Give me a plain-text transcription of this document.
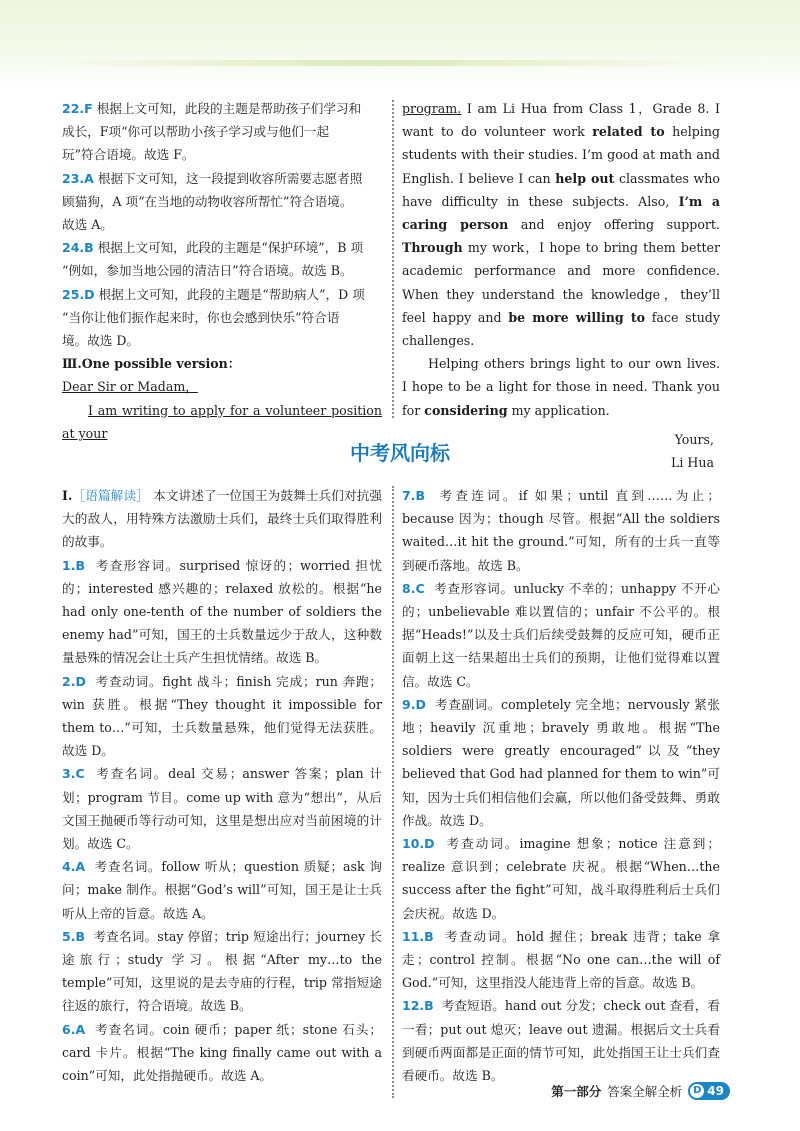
22.F 根据上文可知，此段的主题是帮助孩子们学习和
成长，F项“你可以帮助小孩子学习或与他们一起
玩”符合语境。故选 F。
23.A 根据下文可知，这一段提到收容所需要志愿者照
顾猫狗，A 项“在当地的动物收容所帮忙”符合语境。
故选 A。
24.B 根据上文可知，此段的主题是“保护环境”，B 项
“例如，参加当地公园的清洁日”符合语境。故选 B。
25.D 根据上文可知，此段的主题是“帮助病人”，D 项
“当你让他们振作起来时，你也会感到快乐”符合语
境。故选 D。
Ⅲ.One possible version：
Dear Sir or Madam，
I am writing to apply for a volunteer position at your

program. I am Li Hua from Class 1，Grade 8. I want to do volunteer work related to helping students with their studies. I’m good at math and English. I believe I can help out classmates who have difficulty in these subjects. Also, I’m a caring person and enjoy offering support. Through my work，I hope to bring them better academic performance and more confidence. When they understand the knowledge，they’ll feel happy and be more willing to face study challenges.

Helping others brings light to our own lives. I hope to be a light for those in need. Thank you for considering my application.

Yours,
Li Hua
中考风向标

Ⅰ.［语篇解读］ 本文讲述了一位国王为鼓舞士兵们对抗强大的敌人，用特殊方法激励士兵们，最终士兵们取得胜利的故事。

1.B 考查形容词。surprised 惊讶的；worried 担忧的；interested 感兴趣的；relaxed 放松的。根据“he had only one-tenth of the number of soldiers the enemy had”可知，国王的士兵数量远少于敌人，这种数量悬殊的情况会让士兵产生担忧情绪。故选 B。

2.D 考查动词。fight 战斗；finish 完成；run 奔跑；win 获胜。根据“They thought it impossible for them to…”可知，士兵数量悬殊，他们觉得无法获胜。故选 D。

3.C 考查名词。deal 交易；answer 答案；plan 计划；program 节目。come up with 意为“想出”，从后文国王抛硬币等行动可知，这里是想出应对当前困境的计划。故选 C。

4.A 考查名词。follow 听从；question 质疑；ask 询问；make 制作。根据“God’s will”可知，国王是让士兵听从上帝的旨意。故选 A。

5.B 考查名词。stay 停留；trip 短途出行；journey 长途旅行；study 学习。根据“After my…to the temple”可知，这里说的是去寺庙的行程，trip 常指短途往返的旅行，符合语境。故选 B。

6.A 考查名词。coin 硬币；paper 纸；stone 石头；card 卡片。根据“The king finally came out with a coin”可知，此处指抛硬币。故选 A。

7.B 考查连词。if 如果；until 直到……为止；because 因为；though 尽管。根据“All the soldiers waited…it hit the ground.”可知，所有的士兵一直等到硬币落地。故选 B。

8.C 考查形容词。unlucky 不幸的；unhappy 不开心的；unbelievable 难以置信的；unfair 不公平的。根据“Heads!”以及士兵们后续受鼓舞的反应可知，硬币正面朝上这一结果超出士兵们的预期，让他们觉得难以置信。故选 C。

9.D 考查副词。completely 完全地；nervously 紧张地；heavily 沉重地；bravely 勇敢地。根据“The soldiers were greatly encouraged”以及“they believed that God had planned for them to win”可知，因为士兵们相信他们会赢，所以他们备受鼓舞、勇敢作战。故选 D。

10.D 考查动词。imagine 想象；notice 注意到；realize 意识到；celebrate 庆祝。根据“When…the success after the fight”可知，战斗取得胜利后士兵们会庆祝。故选 D。

11.B 考查动词。hold 握住；break 违背；take 拿走；control 控制。根据“No one can…the will of God.”可知，这里指没人能违背上帝的旨意。故选 B。

12.B 考查短语。hand out 分发；check out 查看，看一看；put out 熄灭；leave out 遗漏。根据后文士兵看到硬币两面都是正面的情节可知，此处指国王让士兵们查看硬币。故选 B。

第一部分 答案全解全析 D 49
